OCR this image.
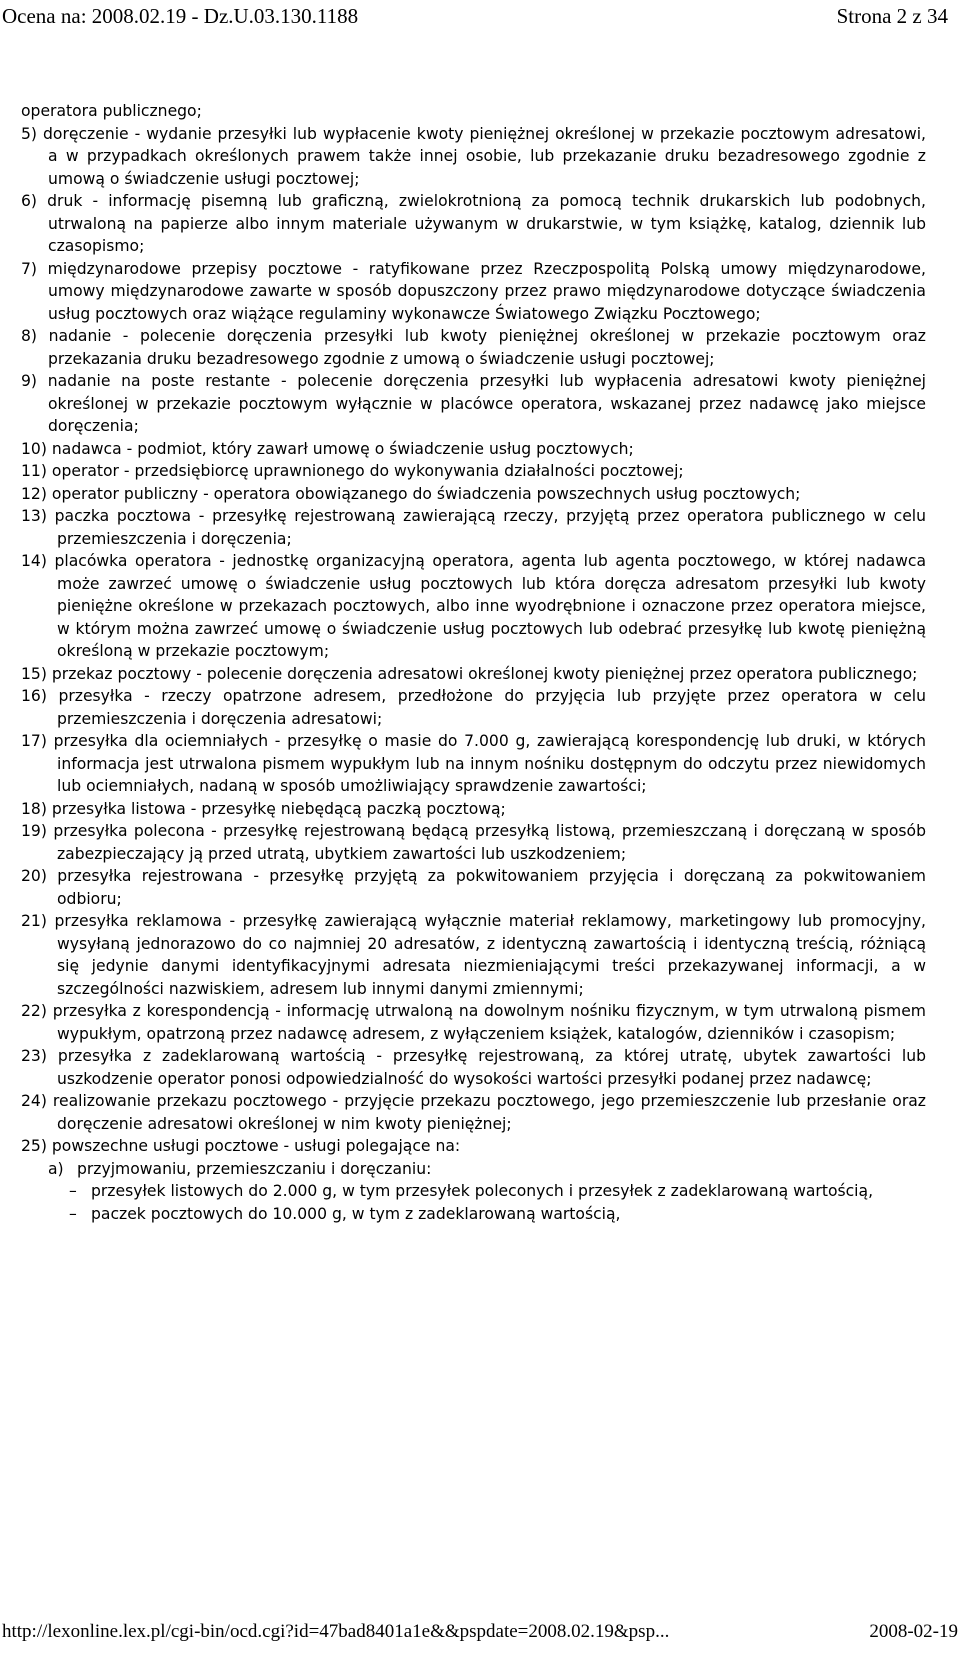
Ocena na: 2008.02.19 - Dz.U.03.130.1188	Strona 2 z 34

operatora publicznego;

5) doręczenie - wydanie przesyłki lub wypłacenie kwoty pieniężnej określonej w przekazie pocztowym adresatowi, a w przypadkach określonych prawem także innej osobie, lub przekazanie druku bezadresowego zgodnie z umową o świadczenie usługi pocztowej;

6) druk - informację pisemną lub graficzną, zwielokrotnioną za pomocą technik drukarskich lub podobnych, utrwaloną na papierze albo innym materiale używanym w drukarstwie, w tym książkę, katalog, dziennik lub czasopismo;

7) międzynarodowe przepisy pocztowe - ratyfikowane przez Rzeczpospolitą Polską umowy międzynarodowe, umowy międzynarodowe zawarte w sposób dopuszczony przez prawo międzynarodowe dotyczące świadczenia usług pocztowych oraz wiążące regulaminy wykonawcze Światowego Związku Pocztowego;

8) nadanie - polecenie doręczenia przesyłki lub kwoty pieniężnej określonej w przekazie pocztowym oraz przekazania druku bezadresowego zgodnie z umową o świadczenie usługi pocztowej;

9) nadanie na poste restante - polecenie doręczenia przesyłki lub wypłacenia adresatowi kwoty pieniężnej określonej w przekazie pocztowym wyłącznie w placówce operatora, wskazanej przez nadawcę jako miejsce doręczenia;

10) nadawca - podmiot, który zawarł umowę o świadczenie usług pocztowych;

11) operator - przedsiębiorcę uprawnionego do wykonywania działalności pocztowej;

12) operator publiczny - operatora obowiązanego do świadczenia powszechnych usług pocztowych;

13) paczka pocztowa - przesyłkę rejestrowaną zawierającą rzeczy, przyjętą przez operatora publicznego w celu przemieszczenia i doręczenia;

14) placówka operatora - jednostkę organizacyjną operatora, agenta lub agenta pocztowego, w której nadawca może zawrzeć umowę o świadczenie usług pocztowych lub która doręcza adresatom przesyłki lub kwoty pieniężne określone w przekazach pocztowych, albo inne wyodrębnione i oznaczone przez operatora miejsce, w którym można zawrzeć umowę o świadczenie usług pocztowych lub odebrać przesyłkę lub kwotę pieniężną określoną w przekazie pocztowym;

15) przekaz pocztowy - polecenie doręczenia adresatowi określonej kwoty pieniężnej przez operatora publicznego;

16) przesyłka - rzeczy opatrzone adresem, przedłożone do przyjęcia lub przyjęte przez operatora w celu przemieszczenia i doręczenia adresatowi;

17) przesyłka dla ociemniałych - przesyłkę o masie do 7.000 g, zawierającą korespondencję lub druki, w których informacja jest utrwalona pismem wypukłym lub na innym nośniku dostępnym do odczytu przez niewidomych lub ociemniałych, nadaną w sposób umożliwiający sprawdzenie zawartości;

18) przesyłka listowa - przesyłkę niebędącą paczką pocztową;

19) przesyłka polecona - przesyłkę rejestrowaną będącą przesyłką listową, przemieszczaną i doręczaną w sposób zabezpieczający ją przed utratą, ubytkiem zawartości lub uszkodzeniem;

20) przesyłka rejestrowana - przesyłkę przyjętą za pokwitowaniem przyjęcia i doręczaną za pokwitowaniem odbioru;

21) przesyłka reklamowa - przesyłkę zawierającą wyłącznie materiał reklamowy, marketingowy lub promocyjny, wysyłaną jednorazowo do co najmniej 20 adresatów, z identyczną zawartością i identyczną treścią, różniącą się jedynie danymi identyfikacyjnymi adresata niezmieniającymi treści przekazywanej informacji, a w szczególności nazwiskiem, adresem lub innymi danymi zmiennymi;

22) przesyłka z korespondencją - informację utrwaloną na dowolnym nośniku fizycznym, w tym utrwaloną pismem wypukłym, opatrzoną przez nadawcę adresem, z wyłączeniem książek, katalogów, dzienników i czasopism;

23) przesyłka z zadeklarowaną wartością - przesyłkę rejestrowaną, za której utratę, ubytek zawartości lub uszkodzenie operator ponosi odpowiedzialność do wysokości wartości przesyłki podanej przez nadawcę;

24) realizowanie przekazu pocztowego - przyjęcie przekazu pocztowego, jego przemieszczenie lub przesłanie oraz doręczenie adresatowi określonej w nim kwoty pieniężnej;

25) powszechne usługi pocztowe - usługi polegające na:

a) przyjmowaniu, przemieszczaniu i doręczaniu:

– przesyłek listowych do 2.000 g, w tym przesyłek poleconych i przesyłek z zadeklarowaną wartością,

– paczek pocztowych do 10.000 g, w tym z zadeklarowaną wartością,

http://lexonline.lex.pl/cgi-bin/ocd.cgi?id=47bad8401a1e&&pspdate=2008.02.19&psp...	2008-02-19
